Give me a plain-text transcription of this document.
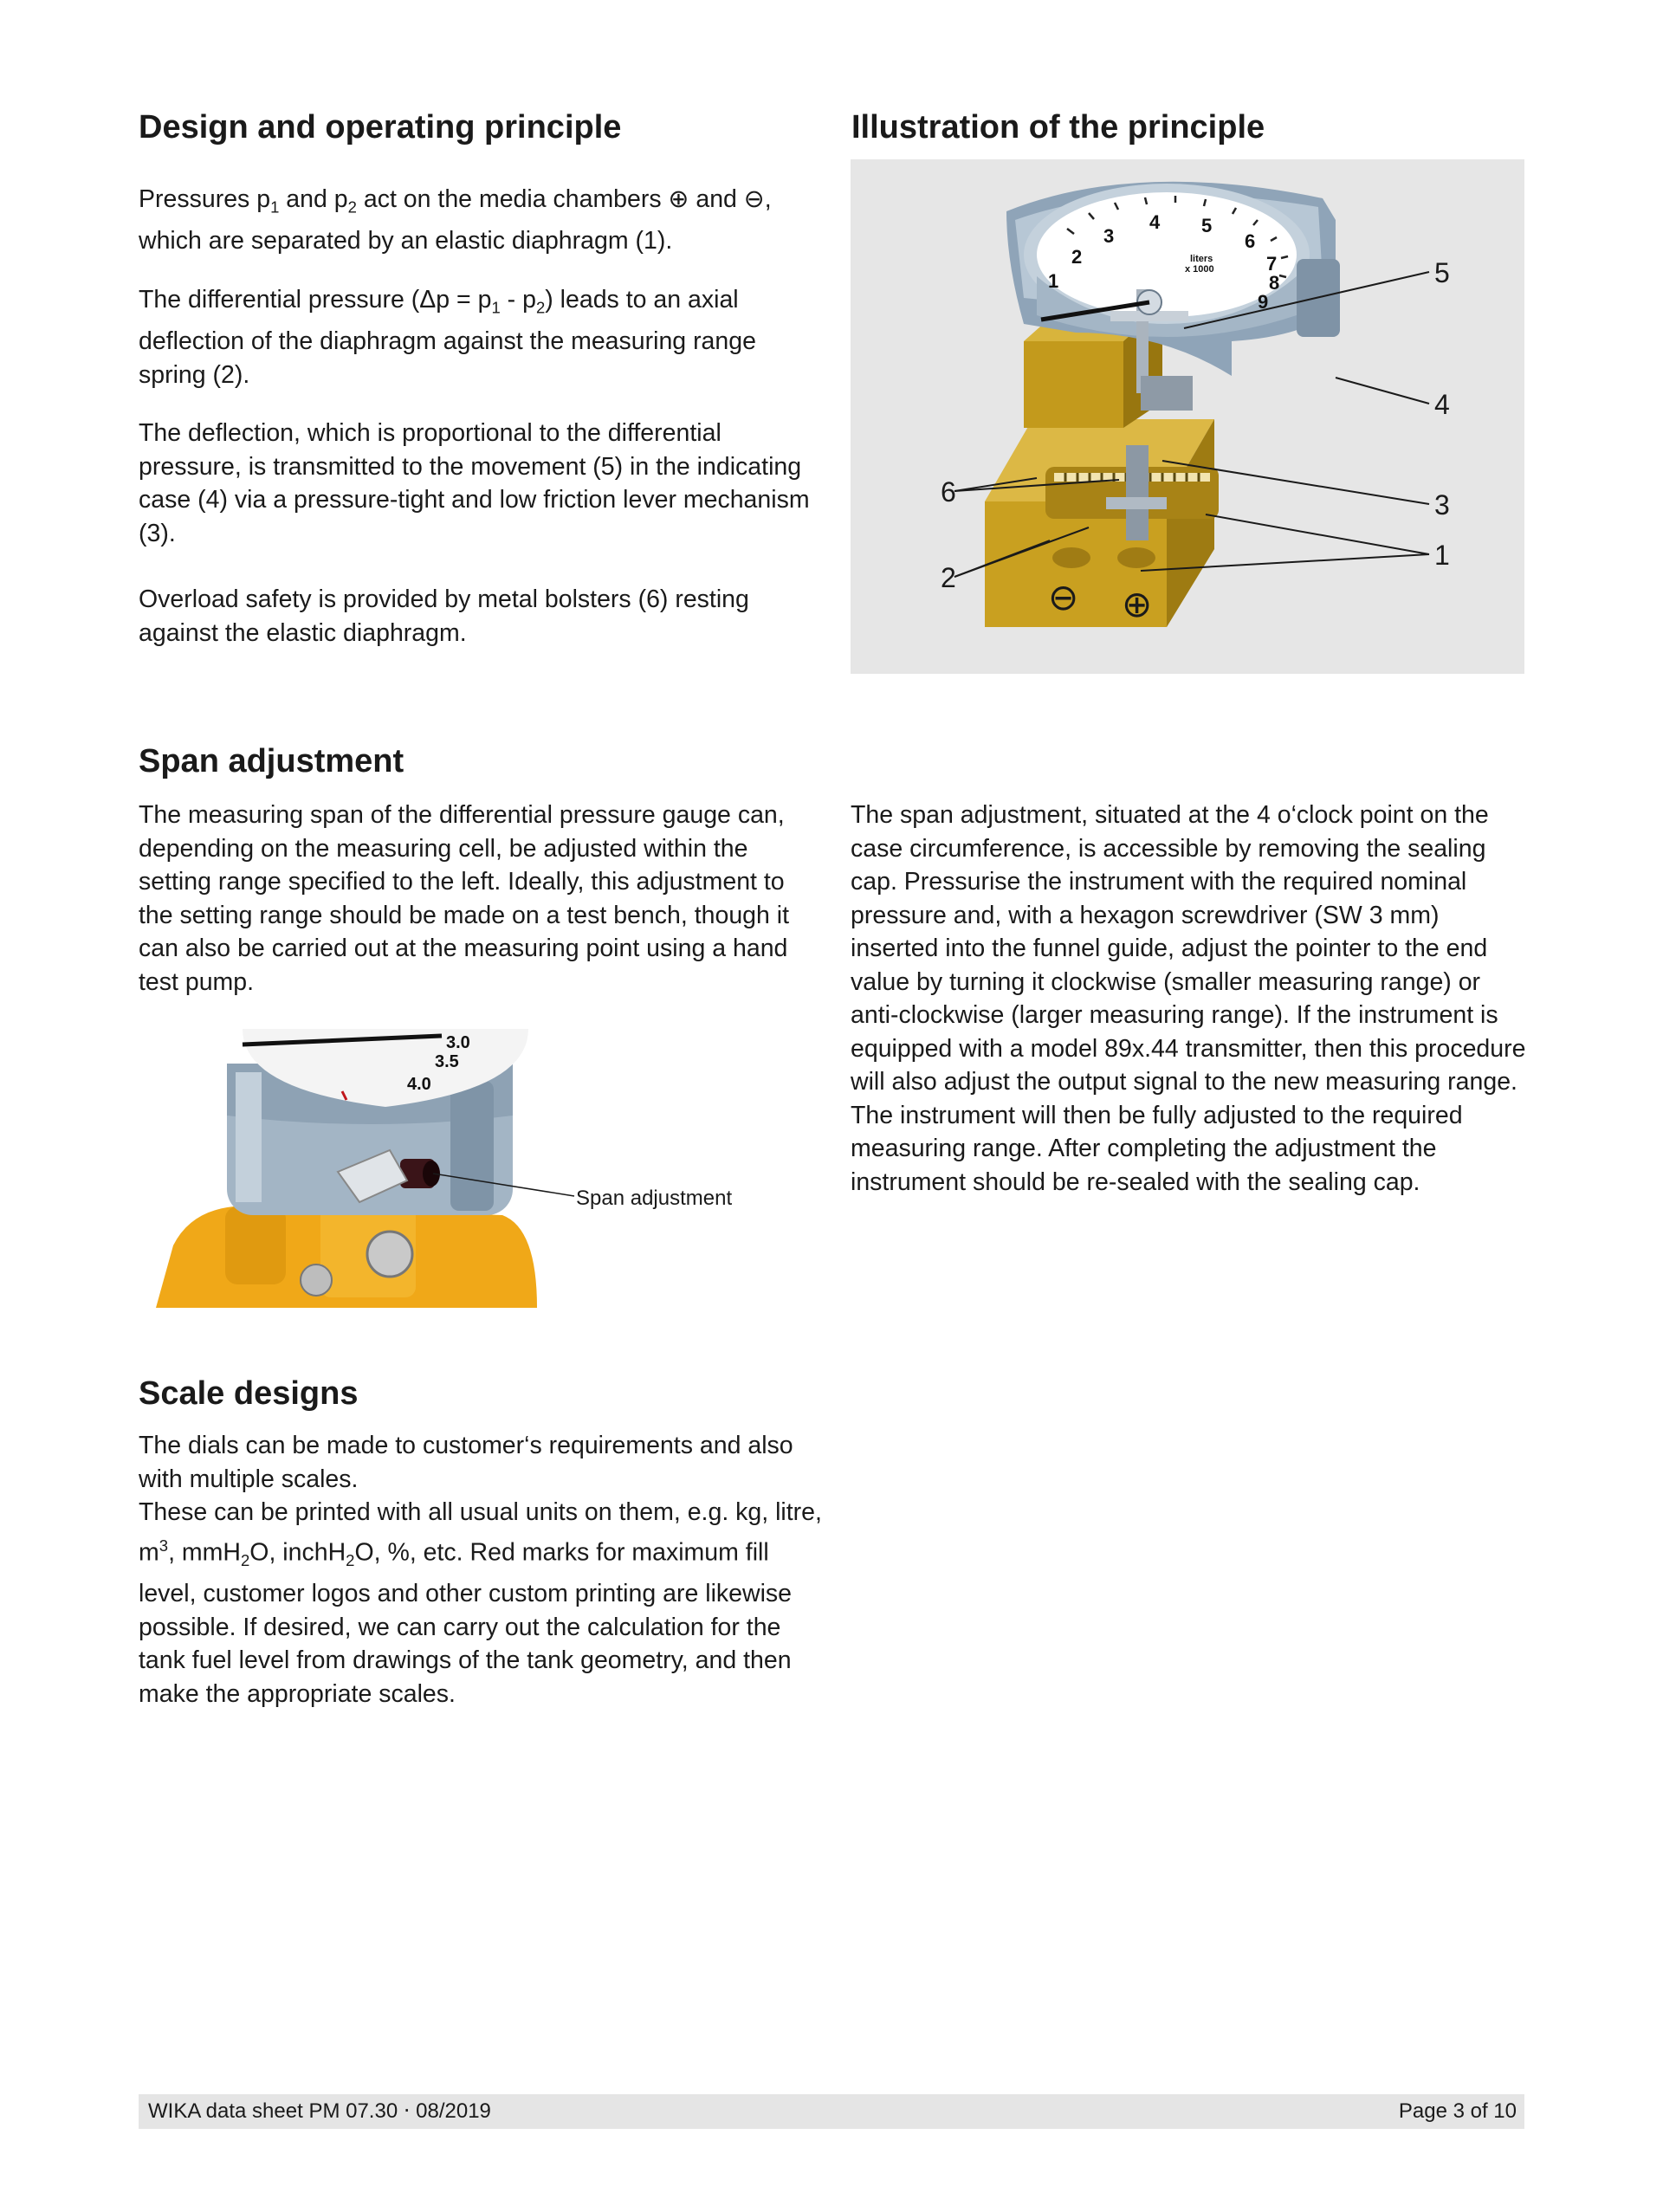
Design and operating principle

Pressures $p_1$ and $p_2$ act on the media chambers ⊕ and ⊖, which are separated by an elastic diaphragm (1).

The differential pressure $(\Delta p = p_1 - p_2)$ leads to an axial deflection of the diaphragm against the measuring range spring (2).

The deflection, which is proportional to the differential pressure, is transmitted to the movement (5) in the indicating case (4) via a pressure-tight and low friction lever mechanism (3).

Overload safety is provided by metal bolsters (6) resting against the elastic diaphragm.

Illustration of the principle
1
2
3
4 5
6
7
8
9
liters
x 1000
⊖ ⊕
5
4
6	3
2
1
Span adjustment

The measuring span of the differential pressure gauge can, depending on the measuring cell, be adjusted within the setting range specified to the left. Ideally, this adjustment to the setting range should be made on a test bench, though it can also be carried out at the measuring point using a hand test pump.

The span adjustment, situated at the 4 o‘clock point on the case circumference, is accessible by removing the sealing cap. Pressurise the instrument with the required nominal pressure and, with a hexagon screwdriver (SW 3 mm) inserted into the funnel guide, adjust the pointer to the end value by turning it clockwise (smaller measuring range) or anti-clockwise (larger measuring range). If the instrument is equipped with a model 89x.44 transmitter, then this procedure will also adjust the output signal to the new measuring range. The instrument will then be fully adjusted to the required measuring range. After completing the adjustment the instrument should be re-sealed with the sealing cap.

3.0
3.5
4.0
Span adjustment
Scale designs

The dials can be made to customer‘s requirements and also with multiple scales.

These can be printed with all usual units on them, e.g. kg, litre, $m^3$, mmH$_2$O, inchH$_2$O, %, etc. Red marks for maximum fill level, customer logos and other custom printing are likewise possible. If desired, we can carry out the calculation for the tank fuel level from drawings of the tank geometry, and then make the appropriate scales.

WIKA data sheet PM 07.30 ⋅ 08/2019	Page 3 of 10
